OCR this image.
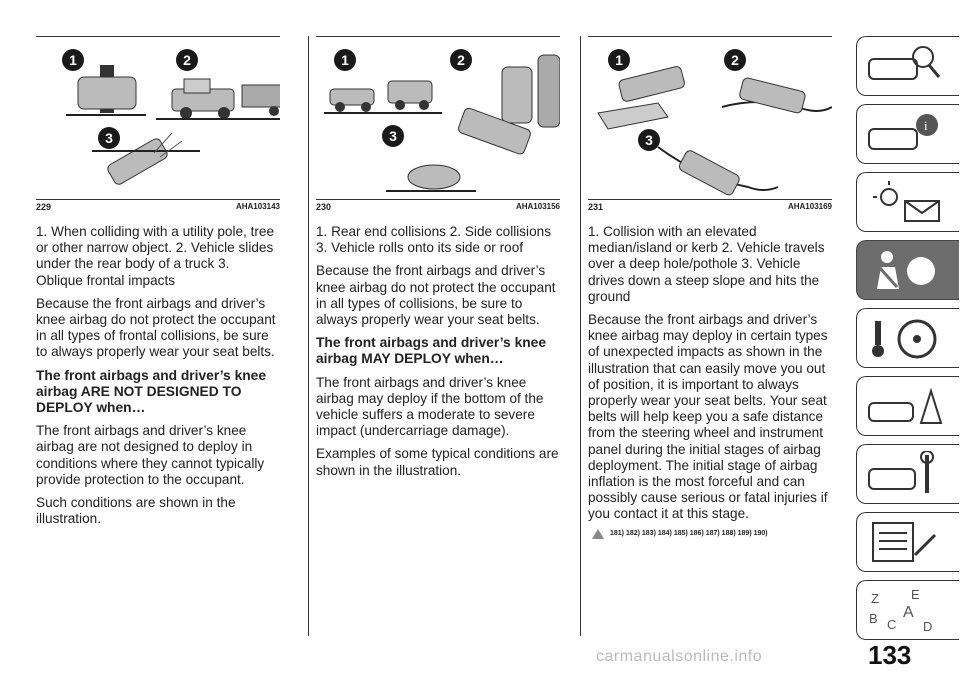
1	2
3
229	AHA103143

1. When colliding with a utility pole, tree or other narrow object. 2. Vehicle slides under the rear body of a truck 3. Oblique frontal impacts

Because the front airbags and driver’s knee airbag do not protect the occupant in all types of frontal collisions, be sure to always properly wear your seat belts.

The front airbags and driver’s knee airbag ARE NOT DESIGNED TO DEPLOY when…

The front airbags and driver’s knee airbag are not designed to deploy in conditions where they cannot typically provide protection to the occupant.

Such conditions are shown in the illustration.

1	2
3
230	AHA103156

1. Rear end collisions 2. Side collisions 3. Vehicle rolls onto its side or roof

Because the front airbags and driver’s knee airbag do not protect the occupant in all types of collisions, be sure to always properly wear your seat belts.

The front airbags and driver’s knee airbag MAY DEPLOY when…

The front airbags and driver’s knee airbag may deploy if the bottom of the vehicle suffers a moderate to severe impact (undercarriage damage).

Examples of some typical conditions are shown in the illustration.

1	2
3
231	AHA103169

1. Collision with an elevated median/island or kerb 2. Vehicle travels over a deep hole/pothole 3. Vehicle drives down a steep slope and hits the ground

Because the front airbags and driver’s knee airbag may deploy in certain types of unexpected impacts as shown in the illustration that can easily move you out of position, it is important to always properly wear your seat belts. Your seat belts will help keep you a safe distance from the steering wheel and instrument panel during the initial stages of airbag deployment. The initial stage of airbag inflation is the most forceful and can possibly cause serious or fatal injuries if you contact it at this stage.

181) 182) 183) 184) 185) 186) 187) 188) 189) 190)
i
Z E
A
B C D
133
carmanualsonline.info
